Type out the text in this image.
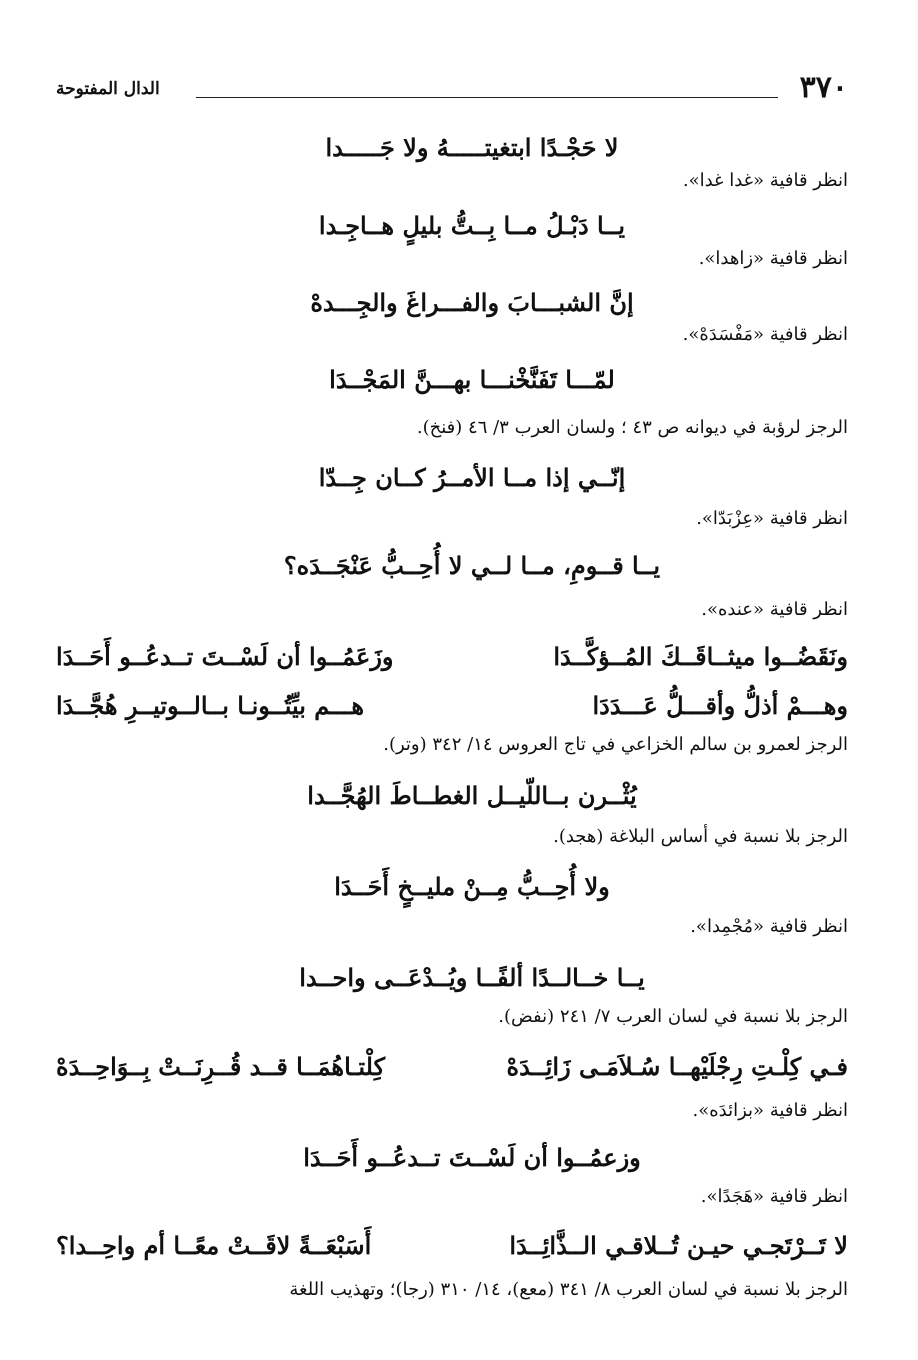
٣٧٠
الدال المفتوحة
لا حَجْـدًا ابتغيتـــــهُ ولا جَـــــدا
انظر قافية «غدا غدا».
يــا دَبْـلُ مــا بِــتُّ بليلٍ هــاجِـدا
انظر قافية «زاهدا».
إنَّ الشبـــابَ والفـــراغَ والجِـــدهْ
انظر قافية «مَفْسَدَهْ».
لمّـــا تَفَنَّخْنـــا بهـــنَّ المَجْــدَا
الرجز لرؤبة في ديوانه ص ٤٣ ؛ ولسان العرب ٣/ ٤٦ (فنخ).
إنّــي إذا مــا الأمــرُ كــان جِــدّا
انظر قافية «عِزْبَدّا».
يــا قــومِ، مــا لــي لا أُحِــبُّ عَنْجَــدَه؟
انظر قافية «عنده».
ونَقَضُــوا ميثــاقَــكَ المُــؤكَّــدَا
وزَعَمُــوا أن لَسْــتَ تــدعُــو أَحَــدَا
وهـــمْ أذلُّ وأقـــلُّ عَـــدَدَا
هـــم بيِّتُــونـا بــالــوتيــرِ هُجَّــدَا
الرجز لعمرو بن سالم الخزاعي في تاج العروس ١٤/ ٣٤٢ (وتر).
يُثْــرن بــاللّيــل الغطــاطَ الهُجَّــدا
الرجز بلا نسبة في أساس البلاغة (هجد).
ولا أُحِــبُّ مِــنْ مليــخٍ أَحَــدَا
انظر قافية «مُجْمِدا».
يــا خــالــدًا ألفًــا ويُــدْعَــى واحــدا
الرجز بلا نسبة في لسان العرب ٧/ ٢٤١ (نفض).
فـي كِلْـتِ رِجْلَيْهــا سُـلاَمَـى زَائِــدَهْ
كِلْتـاهُمَــا قــد قُــرِنَــتْ بِــوَاحِــدَهْ
انظر قافية «بزائدَه».
وزعمُــوا أن لَسْــتَ تــدعُــو أَحَــدَا
انظر قافية «هَجَدًا».
لا تَــرْتَجـي حيـن تُــلاقـي الــذَّائِــدَا
أَسَبْعَــةً لاقَــتْ معًــا أم واحِــدا؟
الرجز بلا نسبة في لسان العرب ٨/ ٣٤١ (معع)، ١٤/ ٣١٠ (رجا)؛ وتهذيب اللغة
